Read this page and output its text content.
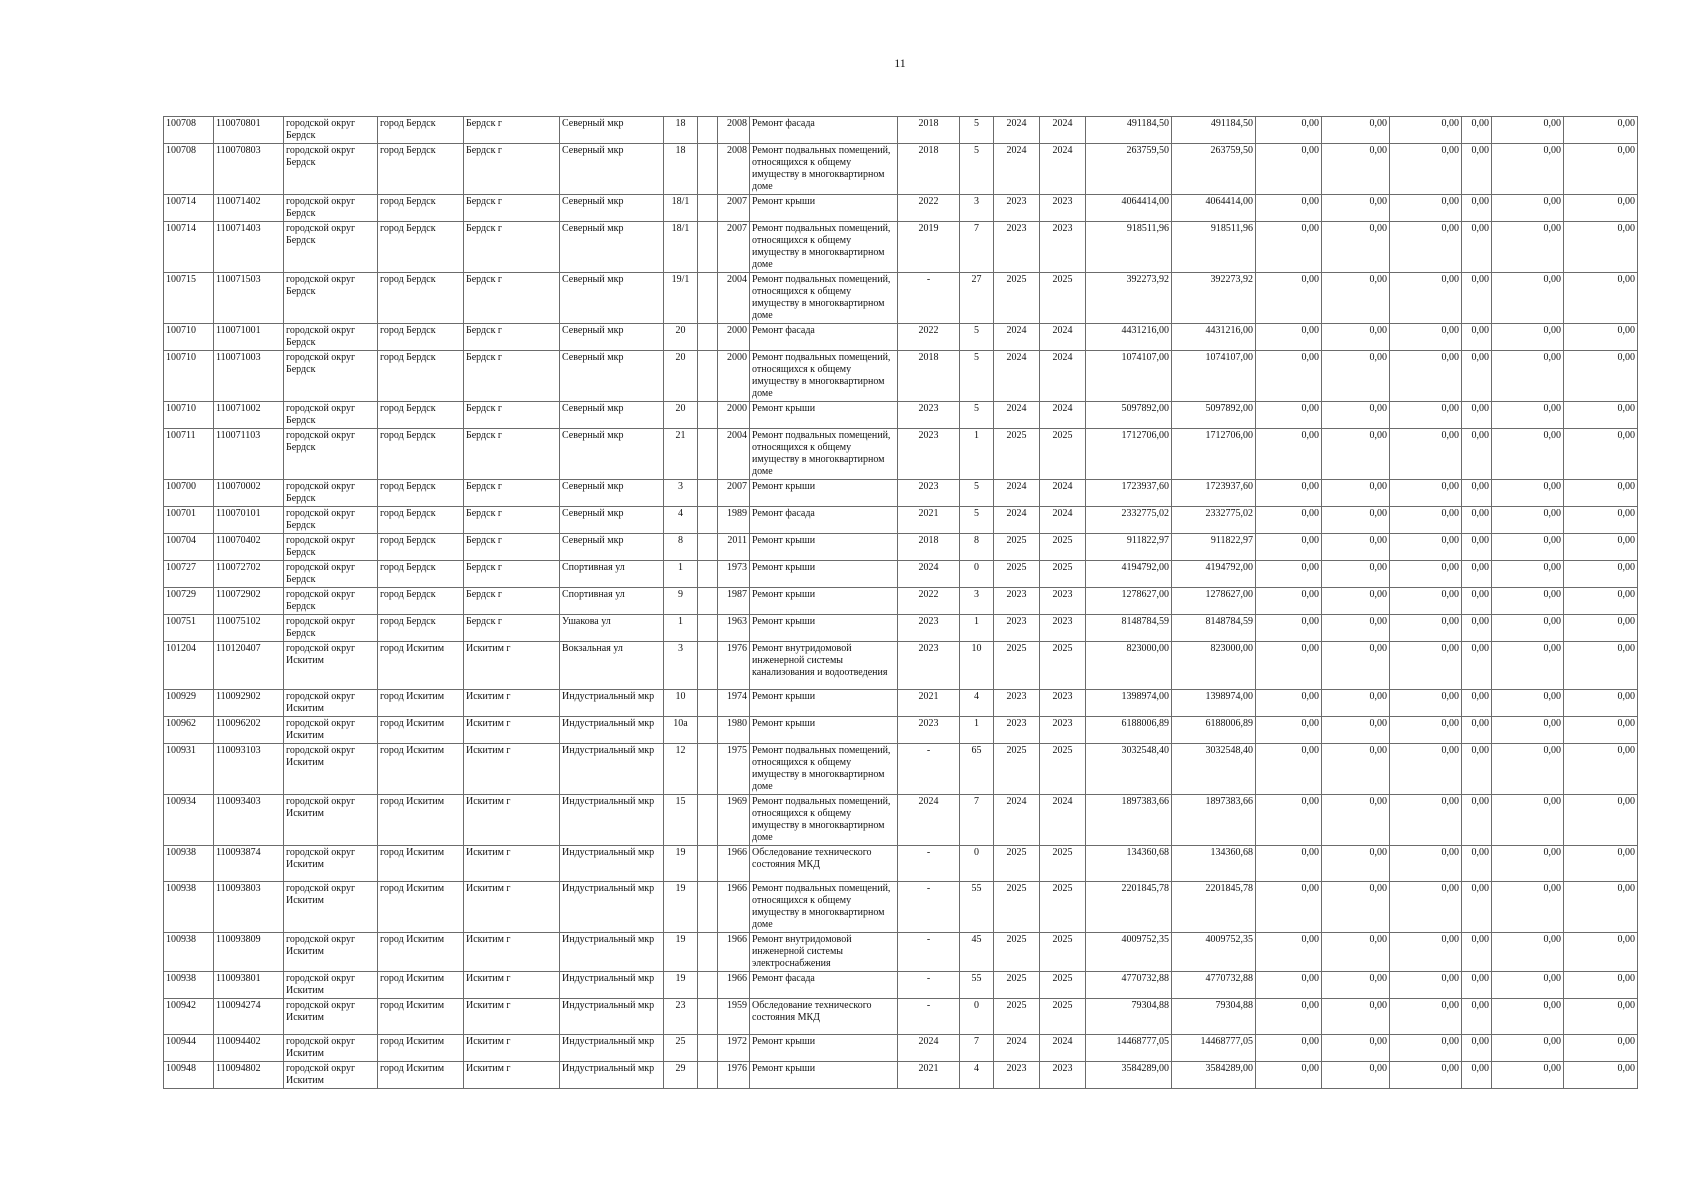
11
100708	110070801	городской округ Бердск	город Бердск	Бердск г	Северный мкр	18		2008	Ремонт фасада	2018	5	2024	2024	491184,50	491184,50	0,00	0,00	0,00	0,00	0,00	0,00
100708	110070803	городской округ Бердск	город Бердск	Бердск г	Северный мкр	18		2008	Ремонт подвальных помещений, относящихся к общему имуществу в многоквартирном доме	2018	5	2024	2024	263759,50	263759,50	0,00	0,00	0,00	0,00	0,00	0,00
100714	110071402	городской округ Бердск	город Бердск	Бердск г	Северный мкр	18/1		2007	Ремонт крыши	2022	3	2023	2023	4064414,00	4064414,00	0,00	0,00	0,00	0,00	0,00	0,00
100714	110071403	городской округ Бердск	город Бердск	Бердск г	Северный мкр	18/1		2007	Ремонт подвальных помещений, относящихся к общему имуществу в многоквартирном доме	2019	7	2023	2023	918511,96	918511,96	0,00	0,00	0,00	0,00	0,00	0,00
100715	110071503	городской округ Бердск	город Бердск	Бердск г	Северный мкр	19/1		2004	Ремонт подвальных помещений, относящихся к общему имуществу в многоквартирном доме	-	27	2025	2025	392273,92	392273,92	0,00	0,00	0,00	0,00	0,00	0,00
100710	110071001	городской округ Бердск	город Бердск	Бердск г	Северный мкр	20		2000	Ремонт фасада	2022	5	2024	2024	4431216,00	4431216,00	0,00	0,00	0,00	0,00	0,00	0,00
100710	110071003	городской округ Бердск	город Бердск	Бердск г	Северный мкр	20		2000	Ремонт подвальных помещений, относящихся к общему имуществу в многоквартирном доме	2018	5	2024	2024	1074107,00	1074107,00	0,00	0,00	0,00	0,00	0,00	0,00
100710	110071002	городской округ Бердск	город Бердск	Бердск г	Северный мкр	20		2000	Ремонт крыши	2023	5	2024	2024	5097892,00	5097892,00	0,00	0,00	0,00	0,00	0,00	0,00
100711	110071103	городской округ Бердск	город Бердск	Бердск г	Северный мкр	21		2004	Ремонт подвальных помещений, относящихся к общему имуществу в многоквартирном доме	2023	1	2025	2025	1712706,00	1712706,00	0,00	0,00	0,00	0,00	0,00	0,00
100700	110070002	городской округ Бердск	город Бердск	Бердск г	Северный мкр	3		2007	Ремонт крыши	2023	5	2024	2024	1723937,60	1723937,60	0,00	0,00	0,00	0,00	0,00	0,00
100701	110070101	городской округ Бердск	город Бердск	Бердск г	Северный мкр	4		1989	Ремонт фасада	2021	5	2024	2024	2332775,02	2332775,02	0,00	0,00	0,00	0,00	0,00	0,00
100704	110070402	городской округ Бердск	город Бердск	Бердск г	Северный мкр	8		2011	Ремонт крыши	2018	8	2025	2025	911822,97	911822,97	0,00	0,00	0,00	0,00	0,00	0,00
100727	110072702	городской округ Бердск	город Бердск	Бердск г	Спортивная ул	1		1973	Ремонт крыши	2024	0	2025	2025	4194792,00	4194792,00	0,00	0,00	0,00	0,00	0,00	0,00
100729	110072902	городской округ Бердск	город Бердск	Бердск г	Спортивная ул	9		1987	Ремонт крыши	2022	3	2023	2023	1278627,00	1278627,00	0,00	0,00	0,00	0,00	0,00	0,00
100751	110075102	городской округ Бердск	город Бердск	Бердск г	Ушакова ул	1		1963	Ремонт крыши	2023	1	2023	2023	8148784,59	8148784,59	0,00	0,00	0,00	0,00	0,00	0,00
101204	110120407	городской округ Искитим	город Искитим	Искитим г	Вокзальная ул	3		1976	Ремонт внутридомовой инженерной системы канализования и водоотведения	2023	10	2025	2025	823000,00	823000,00	0,00	0,00	0,00	0,00	0,00	0,00
100929	110092902	городской округ Искитим	город Искитим	Искитим г	Индустриальный мкр	10		1974	Ремонт крыши	2021	4	2023	2023	1398974,00	1398974,00	0,00	0,00	0,00	0,00	0,00	0,00
100962	110096202	городской округ Искитим	город Искитим	Искитим г	Индустриальный мкр	10а		1980	Ремонт крыши	2023	1	2023	2023	6188006,89	6188006,89	0,00	0,00	0,00	0,00	0,00	0,00
100931	110093103	городской округ Искитим	город Искитим	Искитим г	Индустриальный мкр	12		1975	Ремонт подвальных помещений, относящихся к общему имуществу в многоквартирном доме	-	65	2025	2025	3032548,40	3032548,40	0,00	0,00	0,00	0,00	0,00	0,00
100934	110093403	городской округ Искитим	город Искитим	Искитим г	Индустриальный мкр	15		1969	Ремонт подвальных помещений, относящихся к общему имуществу в многоквартирном доме	2024	7	2024	2024	1897383,66	1897383,66	0,00	0,00	0,00	0,00	0,00	0,00
100938	110093874	городской округ Искитим	город Искитим	Искитим г	Индустриальный мкр	19		1966	Обследование технического состояния МКД	-	0	2025	2025	134360,68	134360,68	0,00	0,00	0,00	0,00	0,00	0,00
100938	110093803	городской округ Искитим	город Искитим	Искитим г	Индустриальный мкр	19		1966	Ремонт подвальных помещений, относящихся к общему имуществу в многоквартирном доме	-	55	2025	2025	2201845,78	2201845,78	0,00	0,00	0,00	0,00	0,00	0,00
100938	110093809	городской округ Искитим	город Искитим	Искитим г	Индустриальный мкр	19		1966	Ремонт внутридомовой инженерной системы электроснабжения	-	45	2025	2025	4009752,35	4009752,35	0,00	0,00	0,00	0,00	0,00	0,00
100938	110093801	городской округ Искитим	город Искитим	Искитим г	Индустриальный мкр	19		1966	Ремонт фасада	-	55	2025	2025	4770732,88	4770732,88	0,00	0,00	0,00	0,00	0,00	0,00
100942	110094274	городской округ Искитим	город Искитим	Искитим г	Индустриальный мкр	23		1959	Обследование технического состояния МКД	-	0	2025	2025	79304,88	79304,88	0,00	0,00	0,00	0,00	0,00	0,00
100944	110094402	городской округ Искитим	город Искитим	Искитим г	Индустриальный мкр	25		1972	Ремонт крыши	2024	7	2024	2024	14468777,05	14468777,05	0,00	0,00	0,00	0,00	0,00	0,00
100948	110094802	городской округ Искитим	город Искитим	Искитим г	Индустриальный мкр	29		1976	Ремонт крыши	2021	4	2023	2023	3584289,00	3584289,00	0,00	0,00	0,00	0,00	0,00	0,00
